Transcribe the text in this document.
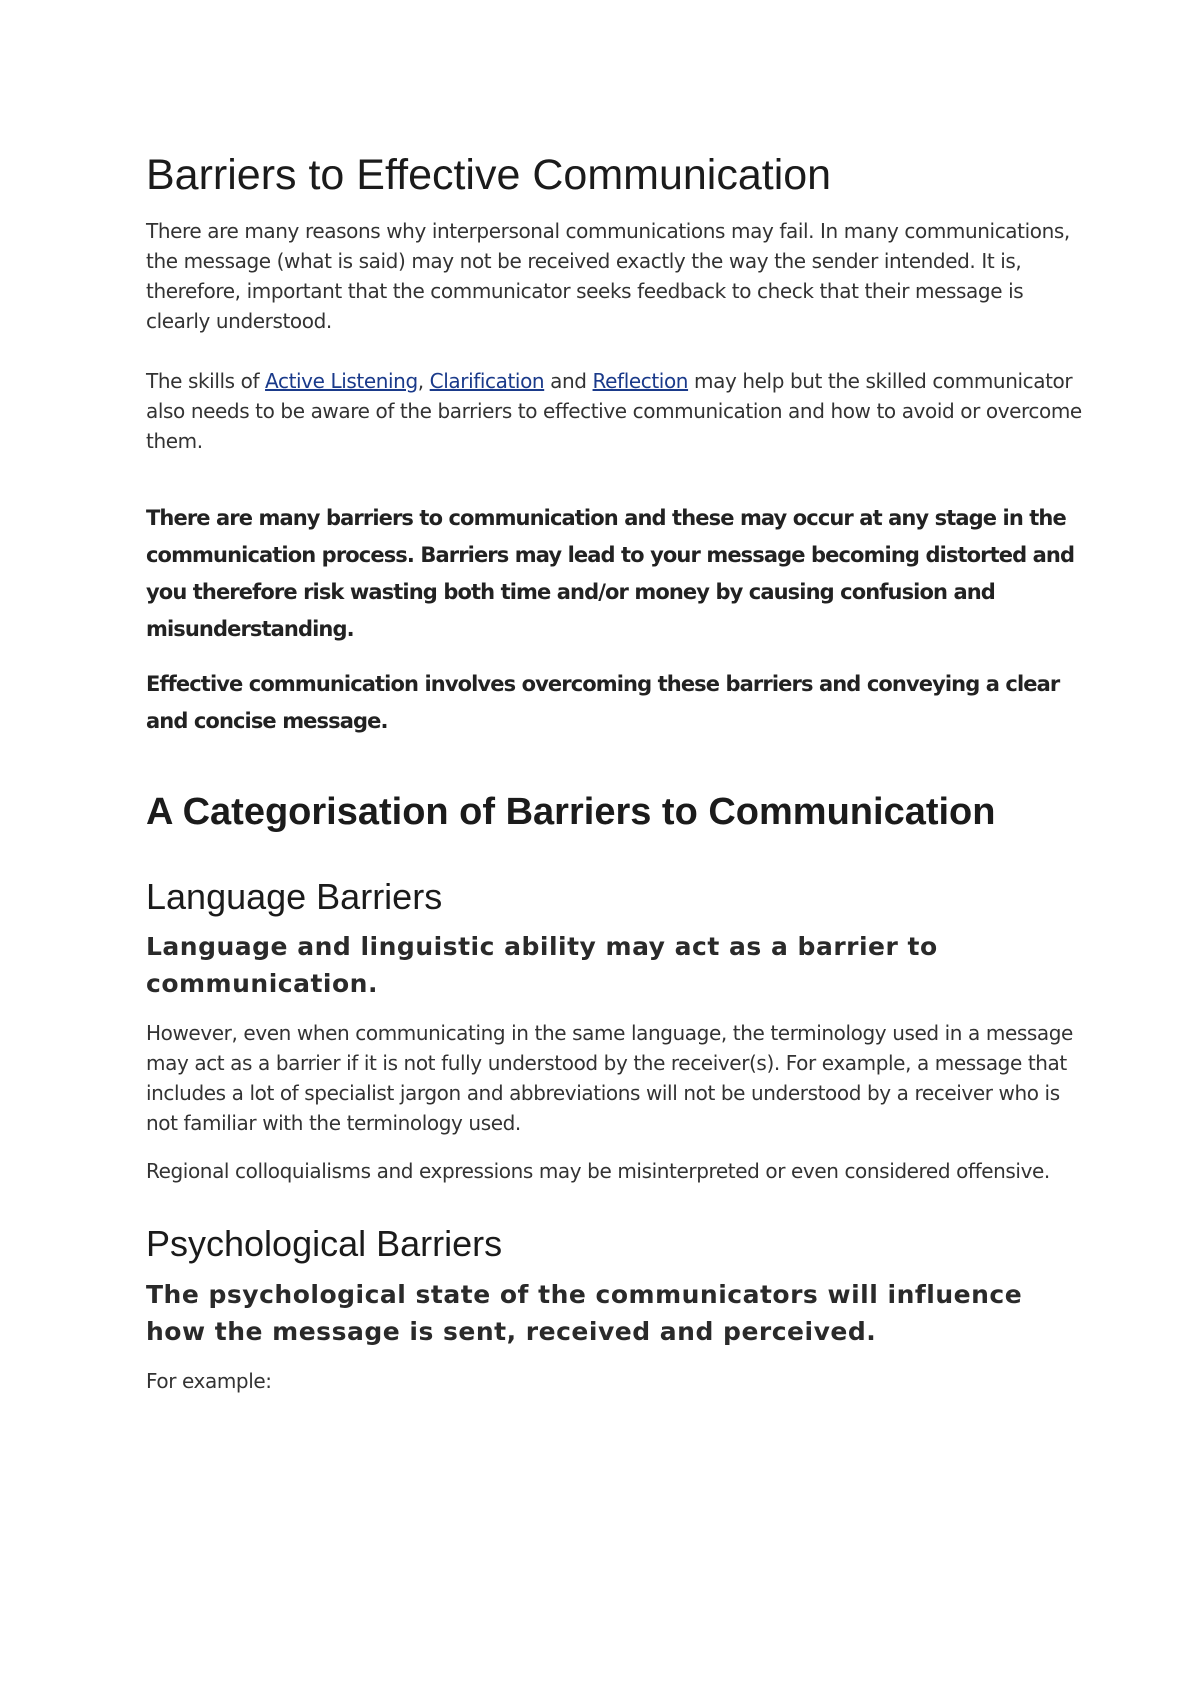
Barriers to Effective Communication

There are many reasons why interpersonal communications may fail. In many communications, the message (what is said) may not be received exactly the way the sender intended. It is, therefore, important that the communicator seeks feedback to check that their message is clearly understood.

The skills of Active Listening, Clarification and Reflection may help but the skilled communicator also needs to be aware of the barriers to effective communication and how to avoid or overcome them.

There are many barriers to communication and these may occur at any stage in the communication process. Barriers may lead to your message becoming distorted and you therefore risk wasting both time and/or money by causing confusion and misunderstanding.

Effective communication involves overcoming these barriers and conveying a clear and concise message.

A Categorisation of Barriers to Communication
Language Barriers
Language and linguistic ability may act as a barrier to communication.

However, even when communicating in the same language, the terminology used in a message may act as a barrier if it is not fully understood by the receiver(s). For example, a message that includes a lot of specialist jargon and abbreviations will not be understood by a receiver who is not familiar with the terminology used.

Regional colloquialisms and expressions may be misinterpreted or even considered offensive.

Psychological Barriers
The psychological state of the communicators will influence how the message is sent, received and perceived.

For example:
